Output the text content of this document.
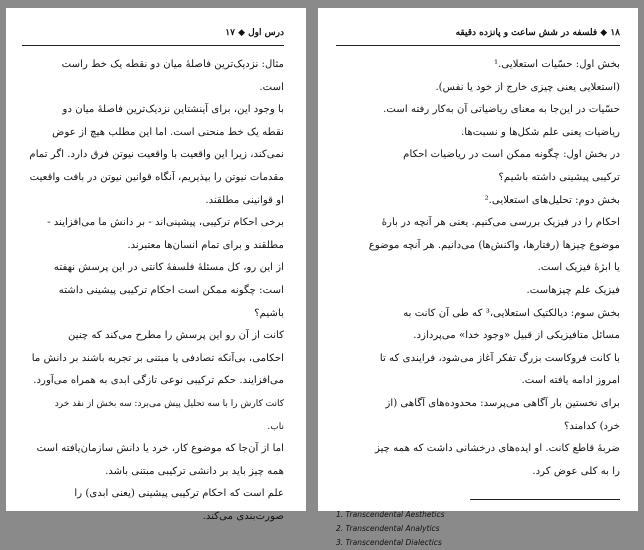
درس اول ◆ ۱۷
مثال: نزدیک‌ترین فاصلهٔ میان دو نقطه یک خط راست
است.
با وجود این، برای آینشتاین نزدیک‌ترین فاصلهٔ میان دو
نقطه یک خط منحنی است. اما این مطلب هیچ از عوض
نمی‌کند، زیرا این واقعیت با واقعیت نیوتن فرق دارد. اگر تمام
مقدمات نیوتن را بپذیریم، آنگاه قوانین نیوتن در بافت واقعیت
او قوانینی مطلقند.
برخی احکام ترکیبی، پیشینی‌اند - بر دانش ما می‌افزایند -
مطلقند و برای تمام انسان‌ها معتبرند.
از این رو، کل مسئلهٔ فلسفهٔ کانتی در این پرسش نهفته
است: چگونه ممکن است احکام ترکیبی پیشینی داشته
باشیم؟
کانت از آن رو این پرسش را مطرح می‌کند که چنین
احکامی، بی‌آنکه تصادفی یا مبتنی بر تجربه باشند بر دانش ما
می‌افزایند. حکم ترکیبی نوعی تازگی ابدی به همراه می‌آورد.
کانت کارش را با سه تحلیل پیش می‌برد: سه بخش از نقد خرد
ناب.
اما از آن‌جا که موضوع کار، خرد یا دانش سازمان‌یافته است
همه چیز باید بر دانشی ترکیبی مبتنی باشد.
علم است که احکام ترکیبی پیشینی (یعنی ابدی) را
صورت‌بندی می‌کند.
۱۸ ◆ فلسفه در شش ساعت و پانزده دقیقه
بخش اول: حسّیات استعلایی.¹
(استعلایی یعنی چیزی خارج از خود یا نفس).
حسّیات در این‌جا به معنای ریاضیاتی آن به‌کار رفته است.
ریاضیات یعنی علم شکل‌ها و نسبت‌ها.
در بخش اول: چگونه ممکن است در ریاضیات احکام
ترکیبی پیشینی داشته باشیم؟
بخش دوم: تحلیل‌های استعلایی.²
احکام را در فیزیک بررسی می‌کنیم. یعنی هر آنچه در بارهٔ
موضوع چیزها (رفتارها، واکنش‌ها) می‌دانیم. هر آنچه موضوع
یا ابژهٔ فیزیک است.
فیزیک علم چیزهاست.
بخش سوم: دیالکتیک استعلایی،³ که طی آن کانت به
مسائل متافیزیکی از قبیل «وجود خدا» می‌پردازد.
با کانت فروکاست بزرگ تفکر آغاز می‌شود، فرایندی که تا
امروز ادامه یافته است.
برای نخستین بار آگاهی می‌پرسد: محدوده‌های آگاهی (از
خرد) کدامند؟
ضربهٔ قاطع کانت. او ایده‌های درخشانی داشت که همه چیز
را به کلی عوض کرد.
1. Transcendental Aesthetics
2. Transcendental Analytics
3. Transcendental Dialectics
